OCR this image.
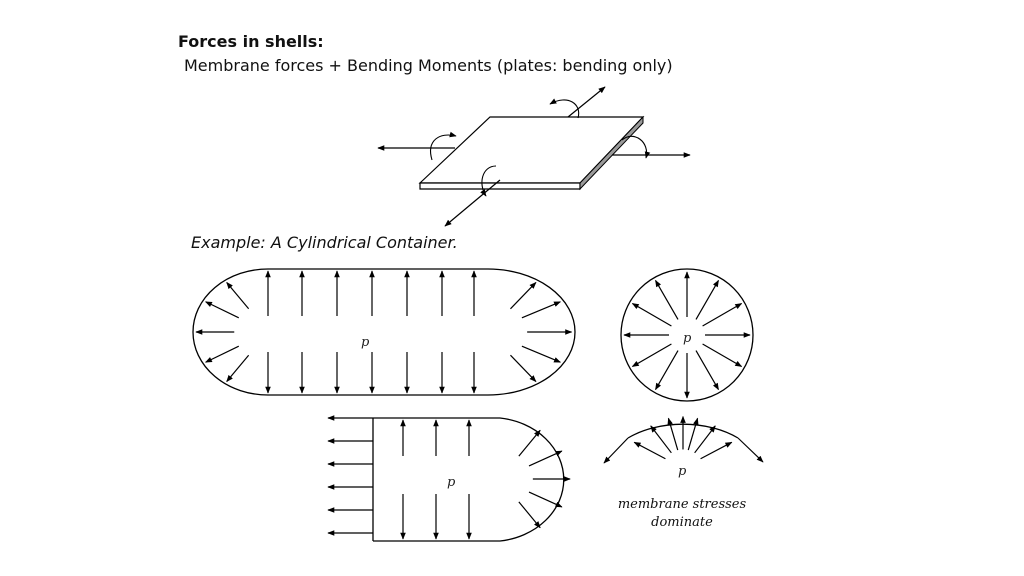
Forces in shells:
Membrane forces + Bending Moments (plates: bending only)
Example: A Cylindrical Container.
p	p
p
p
membrane stresses
dominate
